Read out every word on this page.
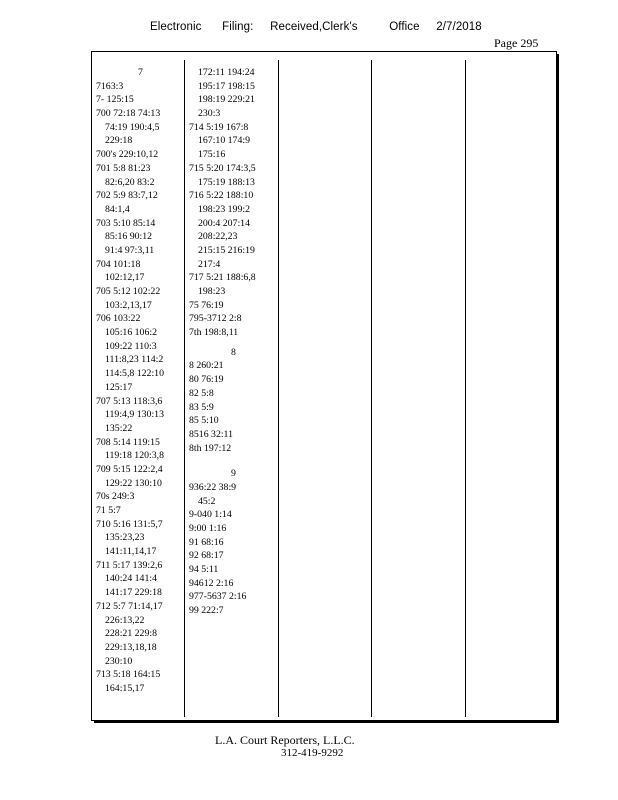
Electronic Filing: Received,Clerk's	Office 2/7/2018
Page 295
7
7163:3
7- 125:15
700 72:18 74:13
74:19 190:4,5
229:18
700's 229:10,12
701 5:8 81:23
82:6,20 83:2
702 5:9 83:7,12
84:1,4
703 5:10 85:14
85:16 90:12
91:4 97:3,11
704 101:18
102:12,17
705 5:12 102:22
103:2,13,17
706 103:22
105:16 106:2
109:22 110:3
111:8,23 114:2
114:5,8 122:10
125:17
707 5:13 118:3,6
119:4,9 130:13
135:22
708 5:14 119:15
119:18 120:3,8
709 5:15 122:2,4
129:22 130:10
70s 249:3
71 5:7
710 5:16 131:5,7
135:23,23
141:11,14,17
711 5:17 139:2,6
140:24 141:4
141:17 229:18
712 5:7 71:14,17
226:13,22
228:21 229:8
229:13,18,18
230:10
713 5:18 164:15
164:15,17
172:11 194:24
195:17 198:15
198:19 229:21
230:3
714 5:19 167:8
167:10 174:9
175:16
715 5:20 174:3,5
175:19 188:13
716 5:22 188:10
198:23 199:2
200:4 207:14
208:22,23
215:15 216:19
217:4
717 5:21 188:6,8
198:23
75 76:19
795-3712 2:8
7th 198:8,11
8
8 260:21
80 76:19
82 5:8
83 5:9
85 5:10
8516 32:11
8th 197:12
9
936:22 38:9
45:2
9-040 1:14
9:00 1:16
91 68:16
92 68:17
94 5:11
94612 2:16
977-5637 2:16
99 222:7
L.A. Court Reporters, L.L.C.
312-419-9292
